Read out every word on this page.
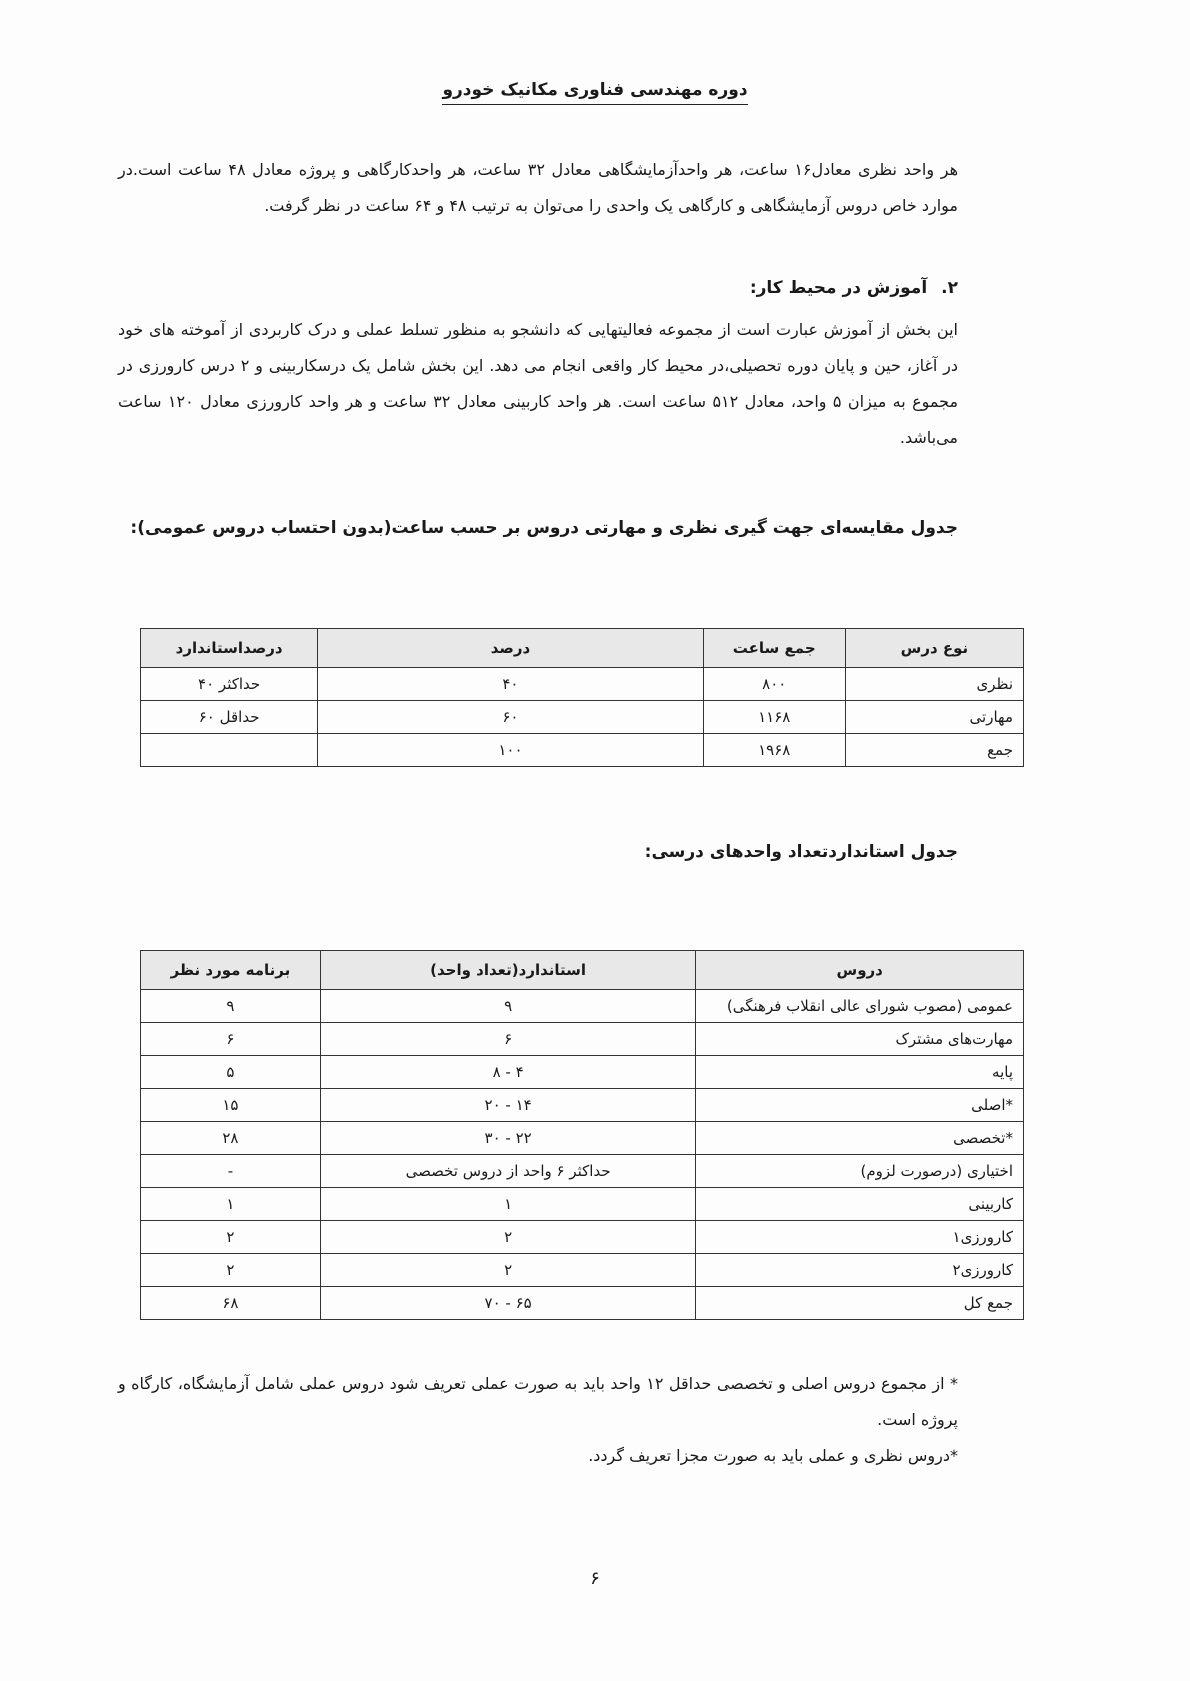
دوره مهندسی فناوری مکانیک خودرو
هر واحد نظری معادل۱۶ ساعت، هر واحدآزمایشگاهی معادل ۳۲ ساعت، هر واحدکارگاهی و پروژه معادل ۴۸ ساعت است.در موارد خاص دروس آزمایشگاهی و کارگاهی یک واحدی را می‌توان به ترتیب ۴۸ و ۶۴ ساعت در نظر گرفت.
۲.آموزش در محیط کار:
این بخش از آموزش عبارت است از مجموعه فعالیتهایی که دانشجو به منظور تسلط عملی و درک کاربردی از آموخته های خود در آغاز، حین و پایان دوره تحصیلی،در محیط کار واقعی انجام می دهد. این بخش شامل یک درسکاربینی و ۲ درس کارورزی در مجموع به میزان ۵ واحد، معادل ۵۱۲ ساعت است. هر واحد کاربینی معادل ۳۲ ساعت و هر واحد کارورزی معادل ۱۲۰ ساعت می‌باشد.
جدول مقایسه‌ای جهت گیری نظری و مهارتی دروس بر حسب ساعت(بدون احتساب دروس عمومی):
نوع درس	جمع ساعت	درصد	درصداستاندارد
نظری	۸۰۰	۴۰	حداکثر ۴۰
مهارتی	۱۱۶۸	۶۰	حداقل ۶۰
جمع	۱۹۶۸	۱۰۰	
جدول استانداردتعداد واحدهای درسی:
دروس	استاندارد(تعداد واحد)	برنامه مورد نظر
عمومی (مصوب شورای عالی انقلاب فرهنگی)	۹	۹
مهارت‌های مشترک	۶	۶
پایه	۴ - ۸	۵
*اصلی	۱۴ - ۲۰	۱۵
*تخصصی	۲۲ - ۳۰	۲۸
اختیاری (درصورت لزوم)	حداکثر ۶ واحد از دروس تخصصی	-
کاربینی	۱	۱
کارورزی۱	۲	۲
کارورزی۲	۲	۲
جمع کل	۶۵ - ۷۰	۶۸
* از مجموع دروس اصلی و تخصصی حداقل ۱۲ واحد باید به صورت عملی تعریف شود دروس عملی شامل آزمایشگاه، کارگاه و پروژه است.
*دروس نظری و عملی باید به صورت مجزا تعریف گردد.
۶
